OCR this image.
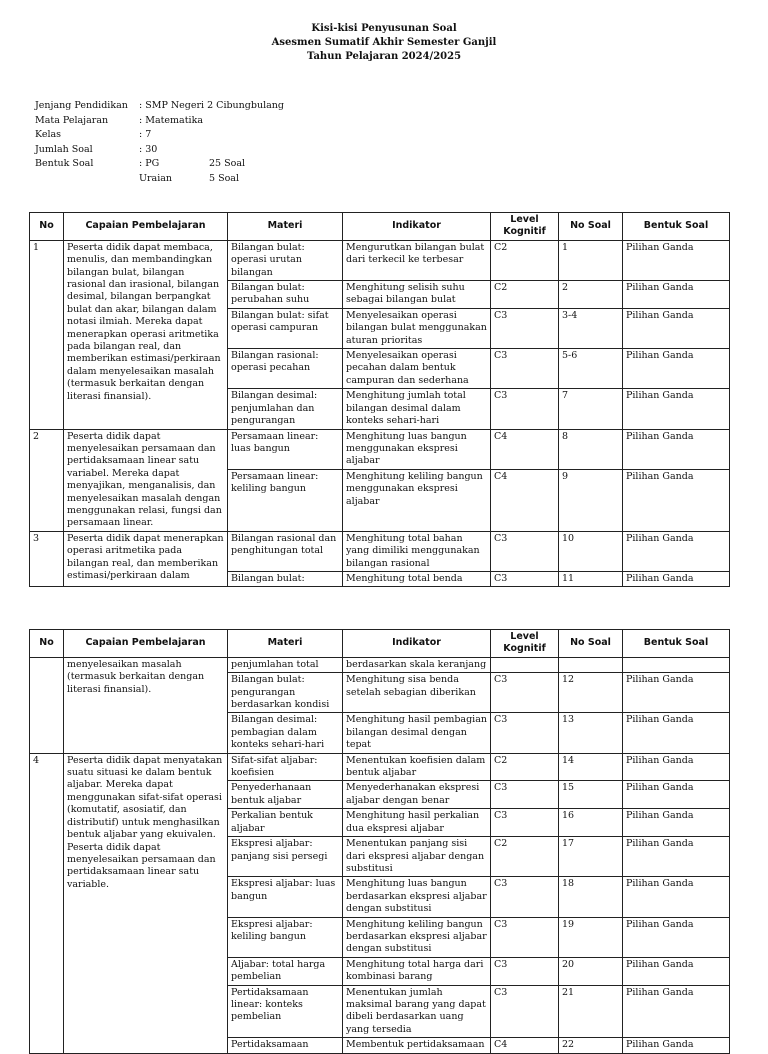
Kisi-kisi Penyusunan Soal
Asesmen Sumatif Akhir Semester Ganjil
Tahun Pelajaran 2024/2025
Jenjang Pendidikan	: SMP Negeri 2 Cibungbulang
Mata Pelajaran	: Matematika
Kelas	: 7
Jumlah Soal	: 30
Bentuk Soal	: PG	25 Soal
Uraian	5 Soal
No	Capaian Pembelajaran	Materi	Indikator	Level Kognitif	No Soal	Bentuk Soal
1	Peserta didik dapat membaca, menulis, dan membandingkan bilangan bulat, bilangan rasional dan irasional, bilangan desimal, bilangan berpangkat bulat dan akar, bilangan dalam notasi ilmiah. Mereka dapat menerapkan operasi aritmetika pada bilangan real, dan memberikan estimasi/perkiraan dalam menyelesaikan masalah (termasuk berkaitan dengan literasi finansial).	Bilangan bulat: operasi urutan bilangan	Mengurutkan bilangan bulat dari terkecil ke terbesar	C2	1	Pilihan Ganda
		Bilangan bulat: perubahan suhu	Menghitung selisih suhu sebagai bilangan bulat	C2	2	Pilihan Ganda
		Bilangan bulat: sifat operasi campuran	Menyelesaikan operasi bilangan bulat menggunakan aturan prioritas	C3	3-4	Pilihan Ganda
		Bilangan rasional: operasi pecahan	Menyelesaikan operasi pecahan dalam bentuk campuran dan sederhana	C3	5-6	Pilihan Ganda
		Bilangan desimal: penjumlahan dan pengurangan	Menghitung jumlah total bilangan desimal dalam konteks sehari-hari	C3	7	Pilihan Ganda
2	Peserta didik dapat menyelesaikan persamaan dan pertidaksamaan linear satu variabel. Mereka dapat menyajikan, menganalisis, dan menyelesaikan masalah dengan menggunakan relasi, fungsi dan persamaan linear.	Persamaan linear: luas bangun	Menghitung luas bangun menggunakan ekspresi aljabar	C4	8	Pilihan Ganda
		Persamaan linear: keliling bangun	Menghitung keliling bangun menggunakan ekspresi aljabar	C4	9	Pilihan Ganda
3	Peserta didik dapat menerapkan operasi aritmetika pada bilangan real, dan memberikan estimasi/perkiraan dalam	Bilangan rasional dan penghitungan total	Menghitung total bahan yang dimiliki menggunakan bilangan rasional	C3	10	Pilihan Ganda
		Bilangan bulat:	Menghitung total benda	C3	11	Pilihan Ganda
No	Capaian Pembelajaran	Materi	Indikator	Level Kognitif	No Soal	Bentuk Soal
	menyelesaikan masalah (termasuk berkaitan dengan literasi finansial).	penjumlahan total	berdasarkan skala keranjang			
		Bilangan bulat: pengurangan berdasarkan kondisi	Menghitung sisa benda setelah sebagian diberikan	C3	12	Pilihan Ganda
		Bilangan desimal: pembagian dalam konteks sehari-hari	Menghitung hasil pembagian bilangan desimal dengan tepat	C3	13	Pilihan Ganda
4	Peserta didik dapat menyatakan suatu situasi ke dalam bentuk aljabar. Mereka dapat menggunakan sifat-sifat operasi (komutatif, asosiatif, dan distributif) untuk menghasilkan bentuk aljabar yang ekuivalen. Peserta didik dapat menyelesaikan persamaan dan pertidaksamaan linear satu variable.	Sifat-sifat aljabar: koefisien	Menentukan koefisien dalam bentuk aljabar	C2	14	Pilihan Ganda
		Penyederhanaan bentuk aljabar	Menyederhanakan ekspresi aljabar dengan benar	C3	15	Pilihan Ganda
		Perkalian bentuk aljabar	Menghitung hasil perkalian dua ekspresi aljabar	C3	16	Pilihan Ganda
		Ekspresi aljabar: panjang sisi persegi	Menentukan panjang sisi dari ekspresi aljabar dengan substitusi	C2	17	Pilihan Ganda
		Ekspresi aljabar: luas bangun	Menghitung luas bangun berdasarkan ekspresi aljabar dengan substitusi	C3	18	Pilihan Ganda
		Ekspresi aljabar: keliling bangun	Menghitung keliling bangun berdasarkan ekspresi aljabar dengan substitusi	C3	19	Pilihan Ganda
		Aljabar: total harga pembelian	Menghitung total harga dari kombinasi barang	C3	20	Pilihan Ganda
		Pertidaksamaan linear: konteks pembelian	Menentukan jumlah maksimal barang yang dapat dibeli berdasarkan uang yang tersedia	C3	21	Pilihan Ganda
		Pertidaksamaan	Membentuk pertidaksamaan	C4	22	Pilihan Ganda
